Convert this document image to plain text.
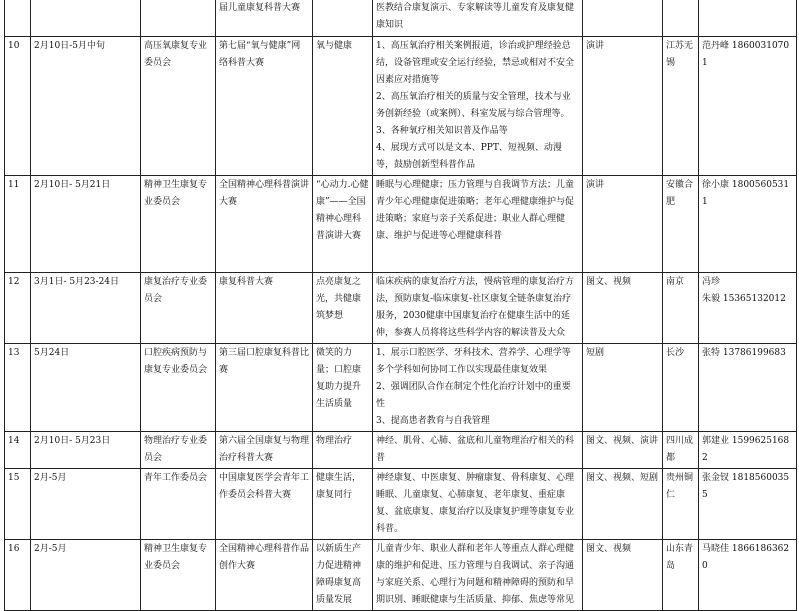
			届儿童康复科普大赛		医教结合康复演示、专家解读等儿童发育及康复健康知识			
10	2月10日-5月中旬	高压氧康复专业委员会	第七届“氧与健康”网络科普大赛	氧与健康	1、高压氧治疗相关案例报道，诊治或护理经验总结，设备管理或安全运行经验，禁忌或相对不安全因素应对措施等
2、高压氧治疗相关的质量与安全管理，技术与业务创新经验（或案例）、科室发展与综合管理等。
3、各种氧疗相关知识普及作品等
4、展现方式可以是文本、PPT、短视频、动漫等，鼓励创新型科普作品	演讲	江苏无锡	范丹峰 18600310701
11	2月10日- 5月21日	精神卫生康复专业委员会	全国精神心理科普演讲大赛	“心动力.心健康”——全国精神心理科普演讲大赛	睡眠与心理健康；压力管理与自我调节方法；儿童青少年心理健康促进策略；老年心理健康维护与促进策略；家庭与亲子关系促进；职业人群心理健康、维护与促进等心理健康科普	演讲	安徽合肥	徐小康 18005605311
12	3月1日- 5月23-24日	康复治疗专业委员会	康复科普大赛	点亮康复之光，共健康筑梦想	临床疾病的康复治疗方法，慢病管理的康复治疗方法，预防康复-临床康复-社区康复全链条康复治疗服务，2030健康中国康复治疗在健康生活中的延伸，参赛人员将将这些科学内容的解读普及大众	图文、视频	南京	冯珍
朱毅 15365132012
13	5月24日	口腔疾病预防与康复专业委员会	第三届口腔康复科普比赛	微笑的力量；口腔康复助力提升生活质量	1、展示口腔医学、牙科技术、营养学、心理学等多个学科如何协同工作以实现最佳康复效果
2、强调团队合作在制定个性化治疗计划中的重要性
3、提高患者教育与自我管理	短剧	长沙	张特 13786199683
14	2月10日- 5月23日	物理治疗专业委员会	第六届全国康复与物理治疗科普大赛	物理治疗	神经、肌骨、心肺、盆底和儿童物理治疗相关的科普	图文、视频、演讲	四川成都	郭建业 15996251682
15	2月-5月	青年工作委员会	中国康复医学会青年工作委员会科普大赛	健康生活，康复同行	神经康复、中医康复、肿瘤康复、骨科康复、心理睡眠、儿童康复、心肺康复、老年康复、重症康复、盆底康复、康复治疗以及康复护理等康复专业科普。	图文、视频、短剧	贵州铜仁	张金钗 18185600355
16	2月-5月	精神卫生康复专业委员会	全国精神心理科普作品创作大赛	以新质生产力促进精神障碍康复高质量发展	儿童青少年、职业人群和老年人等重点人群心理健康的维护和促进、压力管理与自我调试、亲子沟通与家庭关系、心理行为问题和精神障碍的预防和早期识别、睡眠健康与生活质量、抑郁、焦虑等常见	图文、视频	山东青岛	马晓佳 18661863620
